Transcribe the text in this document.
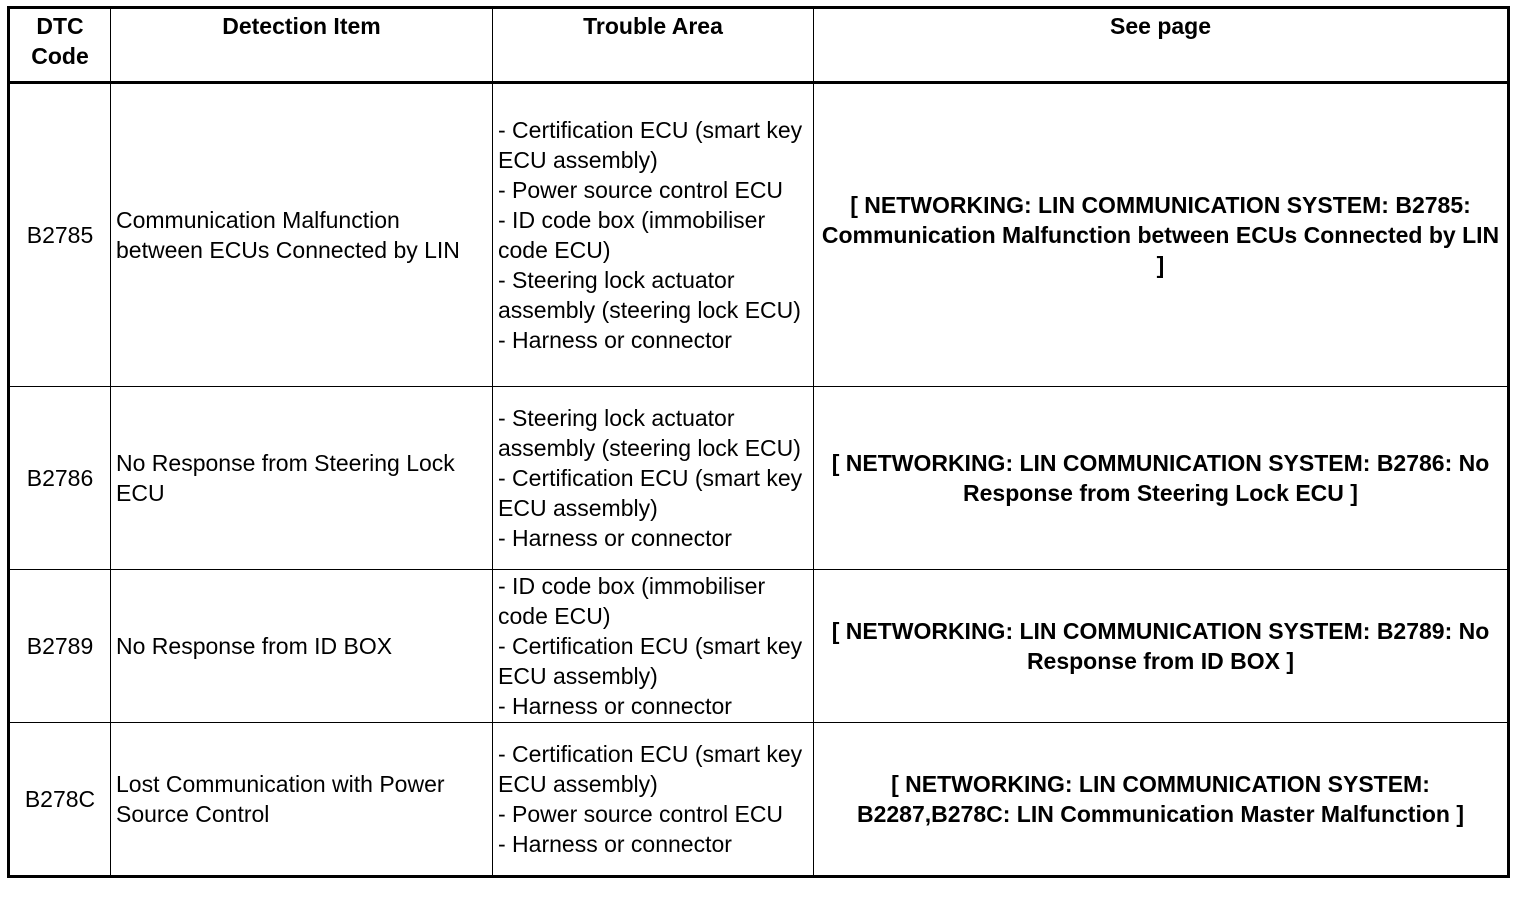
DTC Code	Detection Item	Trouble Area	See page
B2785	Communication Malfunction between ECUs Connected by LIN	- Certification ECU (smart key ECU assembly)
- Power source control ECU
- ID code box (immobiliser code ECU)
- Steering lock actuator assembly (steering lock ECU)
- Harness or connector	[ NETWORKING: LIN COMMUNICATION SYSTEM: B2785: Communication Malfunction between ECUs Connected by LIN ]
B2786	No Response from Steering Lock ECU	- Steering lock actuator assembly (steering lock ECU)
- Certification ECU (smart key ECU assembly)
- Harness or connector	[ NETWORKING: LIN COMMUNICATION SYSTEM: B2786: No Response from Steering Lock ECU ]
B2789	No Response from ID BOX	- ID code box (immobiliser code ECU)
- Certification ECU (smart key ECU assembly)
- Harness or connector	[ NETWORKING: LIN COMMUNICATION SYSTEM: B2789: No Response from ID BOX ]
B278C	Lost Communication with Power Source Control	- Certification ECU (smart key ECU assembly)
- Power source control ECU
- Harness or connector	[ NETWORKING: LIN COMMUNICATION SYSTEM: B2287,B278C: LIN Communication Master Malfunction ]
